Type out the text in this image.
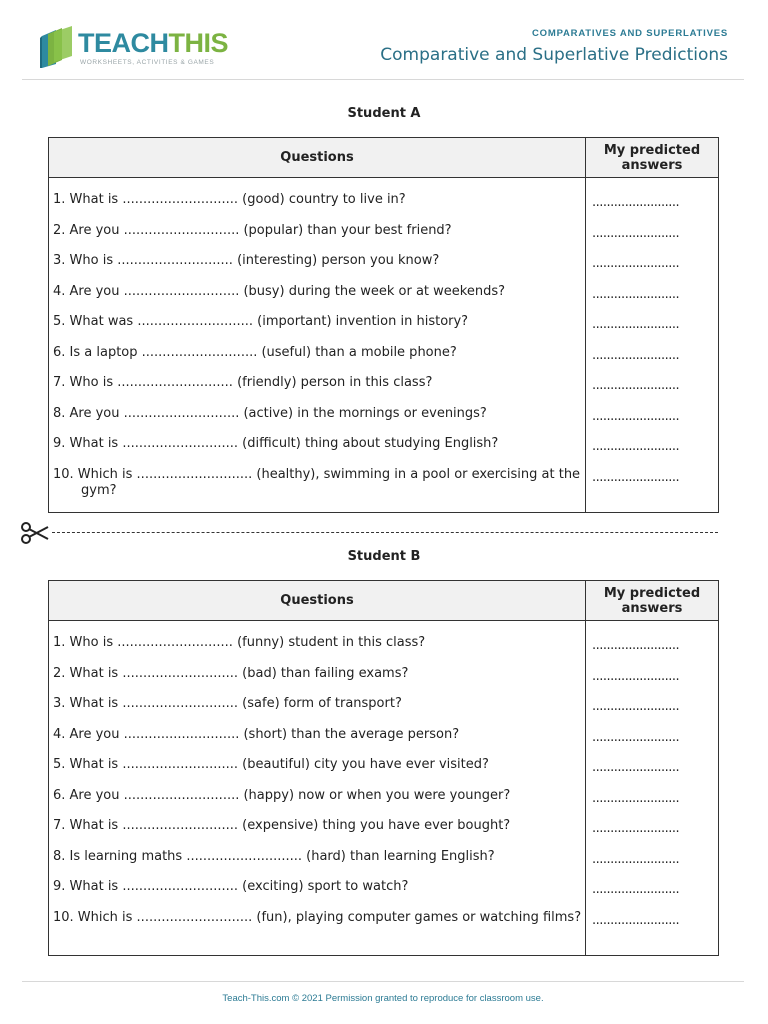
TEACHTHIS
WORKSHEETS, ACTIVITIES & GAMES
COMPARATIVES AND SUPERLATIVES
Comparative and Superlative Predictions
Student A
Questions	My predicted answers
1. What is ............................ (good) country to live in?
2. Are you ............................ (popular) than your best friend?
3. Who is ............................ (interesting) person you know?
4. Are you ............................ (busy) during the week or at weekends?
5. What was ............................ (important) invention in history?
6. Is a laptop ............................ (useful) than a mobile phone?
7. Who is ............................ (friendly) person in this class?
8. Are you ............................ (active) in the mornings or evenings?
9. What is ............................ (difficult) thing about studying English?
10. Which is ............................ (healthy), swimming in a pool or exercising at the gym?
........................
........................
........................
........................
........................
........................
........................
........................
........................
........................
Student B
Questions	My predicted answers
1. Who is ............................ (funny) student in this class?
2. What is ............................ (bad) than failing exams?
3. What is ............................ (safe) form of transport?
4. Are you ............................ (short) than the average person?
5. What is ............................ (beautiful) city you have ever visited?
6. Are you ............................ (happy) now or when you were younger?
7. What is ............................ (expensive) thing you have ever bought?
8. Is learning maths ............................ (hard) than learning English?
9. What is ............................ (exciting) sport to watch?
10. Which is ............................ (fun), playing computer games or watching films?
........................
........................
........................
........................
........................
........................
........................
........................
........................
........................
Teach-This.com © 2021 Permission granted to reproduce for classroom use.
